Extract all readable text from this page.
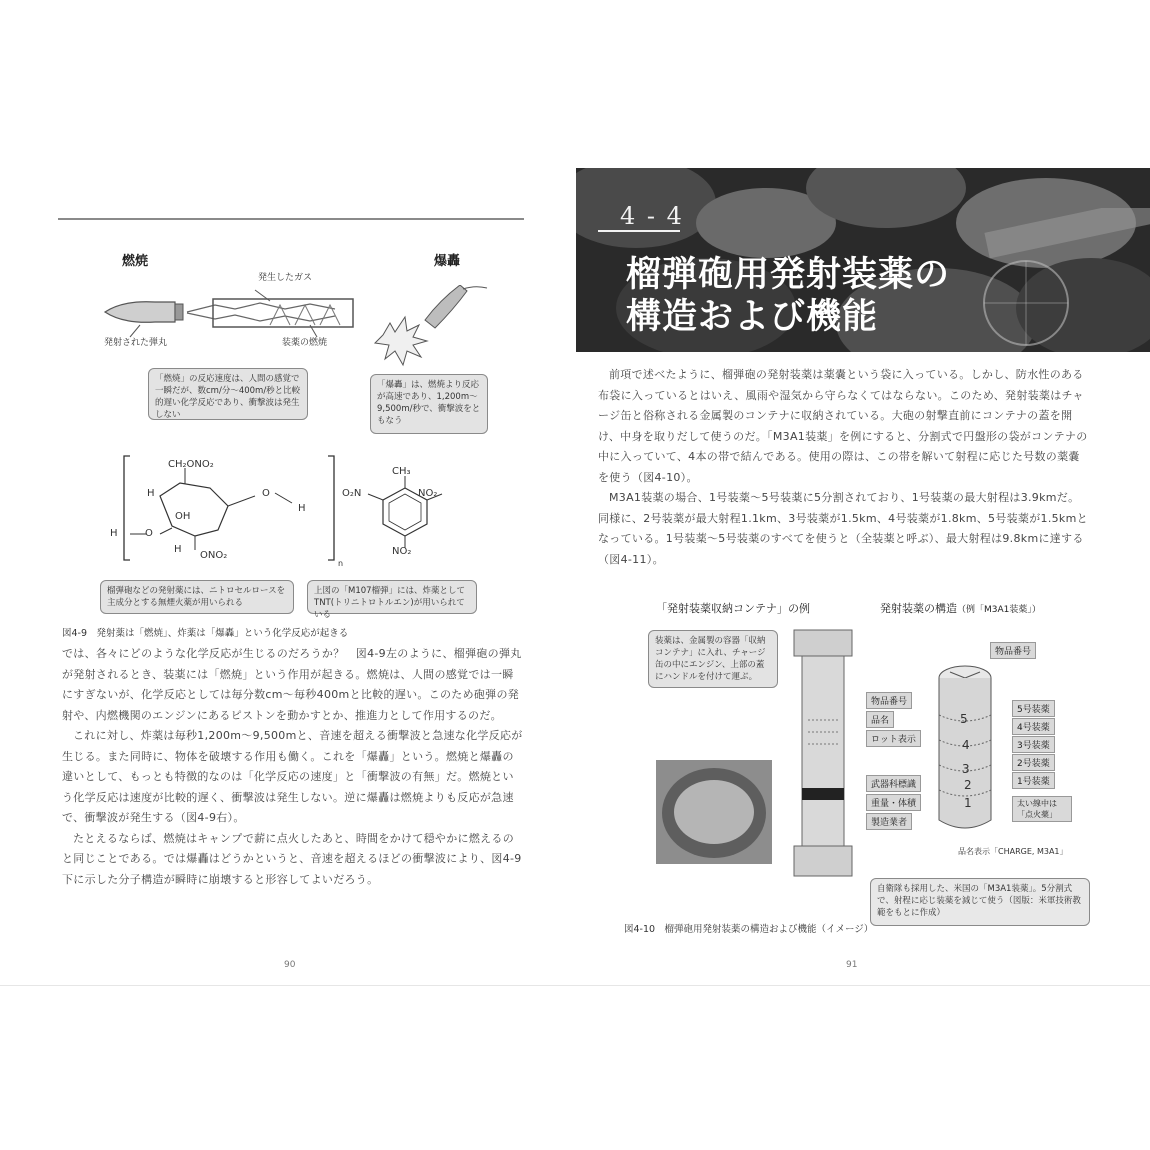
燃焼	爆轟
発生したガス
発射された弾丸	装薬の燃焼
「燃焼」の反応速度は、人間の感覚で一瞬だが、数cm/分～400m/秒と比較的遅い化学反応であり、衝撃波は発生しない
「爆轟」は、燃焼より反応が高速であり、1,200m～9,500m/秒で、衝撃波をともなう
CH₂ONO₂
H	O
H
OH
H	O
H
ONO₂
n
CH₃
O₂N	NO₂
NO₂
榴弾砲などの発射薬には、ニトロセルロースを主成分とする無煙火薬が用いられる
上図の「M107榴弾」には、炸薬として TNT(トリニトロトルエン)が用いられている
図4-9　発射薬は「燃焼」、炸薬は「爆轟」という化学反応が起きる

では、各々にどのような化学反応が生じるのだろうか？　図4-9左のように、榴弾砲の弾丸が発射されるとき、装薬には「燃焼」という作用が起きる。燃焼は、人間の感覚では一瞬にすぎないが、化学反応としては毎分数cm～毎秒400mと比較的遅い。このため砲弾の発射や、内燃機関のエンジンにあるピストンを動かすとか、推進力として作用するのだ。

これに対し、炸薬は毎秒1,200m～9,500mと、音速を超える衝撃波と急速な化学反応が生じる。また同時に、物体を破壊する作用も働く。これを「爆轟」という。燃焼と爆轟の違いとして、もっとも特徴的なのは「化学反応の速度」と「衝撃波の有無」だ。燃焼という化学反応は速度が比較的遅く、衝撃波は発生しない。逆に爆轟は燃焼よりも反応が急速で、衝撃波が発生する（図4-9右）。

たとえるならば、燃焼はキャンプで薪に点火したあと、時間をかけて穏やかに燃えるのと同じことである。では爆轟はどうかというと、音速を超えるほどの衝撃波により、図4-9下に示した分子構造が瞬時に崩壊すると形容してよいだろう。

90
4 - 4
榴弾砲用発射装薬の
構造および機能

前項で述べたように、榴弾砲の発射装薬は薬嚢という袋に入っている。しかし、防水性のある布袋に入っているとはいえ、風雨や湿気から守らなくてはならない。このため、発射装薬はチャージ缶と俗称される金属製のコンテナに収納されている。大砲の射撃直前にコンテナの蓋を開け、中身を取りだして使うのだ。「M3A1装薬」を例にすると、分割式で円盤形の袋がコンテナの中に入っていて、4本の帯で結んである。使用の際は、この帯を解いて射程に応じた号数の薬嚢を使う（図4-10）。

M3A1装薬の場合、1号装薬～5号装薬に5分割されており、1号装薬の最大射程は3.9kmだ。同様に、2号装薬が最大射程1.1km、3号装薬が1.5km、4号装薬が1.8km、5号装薬が1.5kmとなっている。1号装薬～5号装薬のすべてを使うと（全装薬と呼ぶ）、最大射程は9.8kmに達する（図4-11）。

「発射装薬収納コンテナ」の例	発射装薬の構造（例「M3A1装薬」）
装薬は、金属製の容器「収納コンテナ」に入れ、チャージ缶の中にエンジン、上部の蓋にハンドルを付けて運ぶ。
物品番号
品名
ロット表示
武器科標識
重量・体積
製造業者
5
4
3
2
1
物品番号
5号装薬
4号装薬
3号装薬
2号装薬
1号装薬
太い線中は「点火薬」
品名表示「CHARGE, M3A1」
自衛隊も採用した、米国の「M3A1装薬」。5分割式で、射程に応じ装薬を減じて使う（図版：米軍技術教範をもとに作成）
図4-10　榴弾砲用発射装薬の構造および機能（イメージ）
91
